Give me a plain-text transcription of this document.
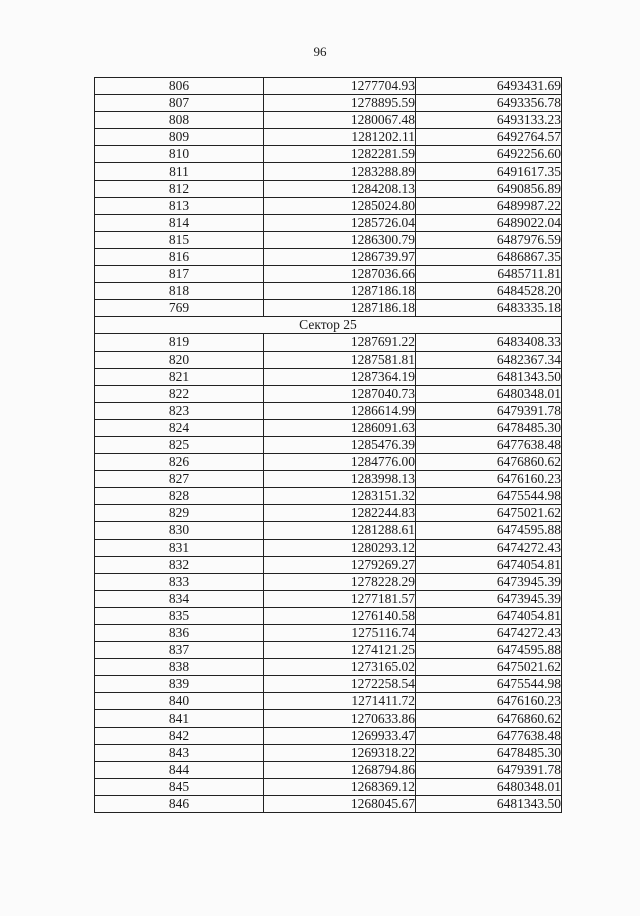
96
806	1277704.93	6493431.69
807	1278895.59	6493356.78
808	1280067.48	6493133.23
809	1281202.11	6492764.57
810	1282281.59	6492256.60
811	1283288.89	6491617.35
812	1284208.13	6490856.89
813	1285024.80	6489987.22
814	1285726.04	6489022.04
815	1286300.79	6487976.59
816	1286739.97	6486867.35
817	1287036.66	6485711.81
818	1287186.18	6484528.20
769	1287186.18	6483335.18
Сектор 25		
819	1287691.22	6483408.33
820	1287581.81	6482367.34
821	1287364.19	6481343.50
822	1287040.73	6480348.01
823	1286614.99	6479391.78
824	1286091.63	6478485.30
825	1285476.39	6477638.48
826	1284776.00	6476860.62
827	1283998.13	6476160.23
828	1283151.32	6475544.98
829	1282244.83	6475021.62
830	1281288.61	6474595.88
831	1280293.12	6474272.43
832	1279269.27	6474054.81
833	1278228.29	6473945.39
834	1277181.57	6473945.39
835	1276140.58	6474054.81
836	1275116.74	6474272.43
837	1274121.25	6474595.88
838	1273165.02	6475021.62
839	1272258.54	6475544.98
840	1271411.72	6476160.23
841	1270633.86	6476860.62
842	1269933.47	6477638.48
843	1269318.22	6478485.30
844	1268794.86	6479391.78
845	1268369.12	6480348.01
846	1268045.67	6481343.50
